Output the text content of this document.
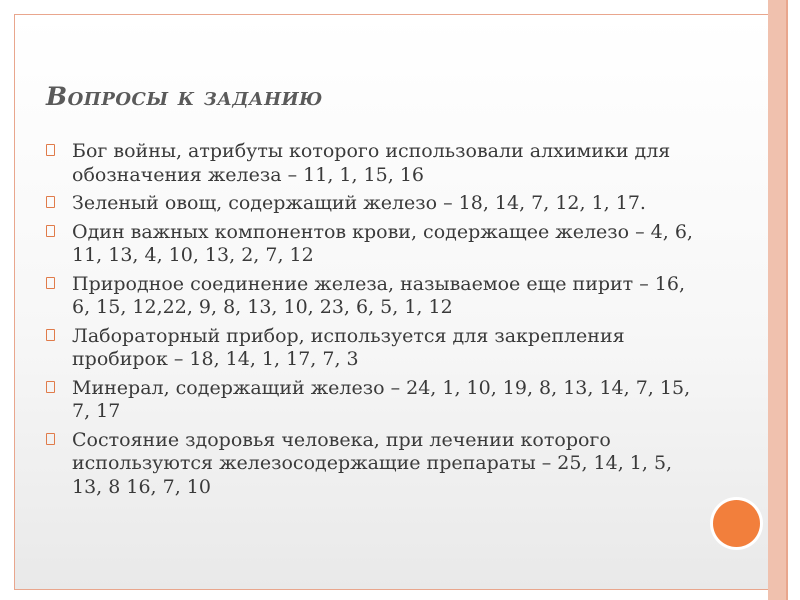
Вопросы к заданию
Бог войны, атрибуты которого использовали алхимики для обозначения железа – 11, 1, 15, 16
Зеленый овощ, содержащий железо – 18, 14, 7, 12, 1, 17.
Один важных компонентов крови, содержащее железо – 4, 6, 11, 13, 4, 10, 13, 2, 7, 12
Природное соединение железа, называемое еще пирит – 16, 6, 15, 12,22, 9, 8, 13, 10, 23, 6, 5, 1, 12
Лабораторный прибор, используется для закрепления пробирок – 18, 14, 1, 17, 7, 3
Минерал, содержащий железо – 24, 1, 10, 19, 8, 13, 14, 7, 15, 7, 17
Состояние здоровья человека, при лечении которого используются железосодержащие препараты – 25, 14, 1, 5, 13, 8 16, 7, 10
